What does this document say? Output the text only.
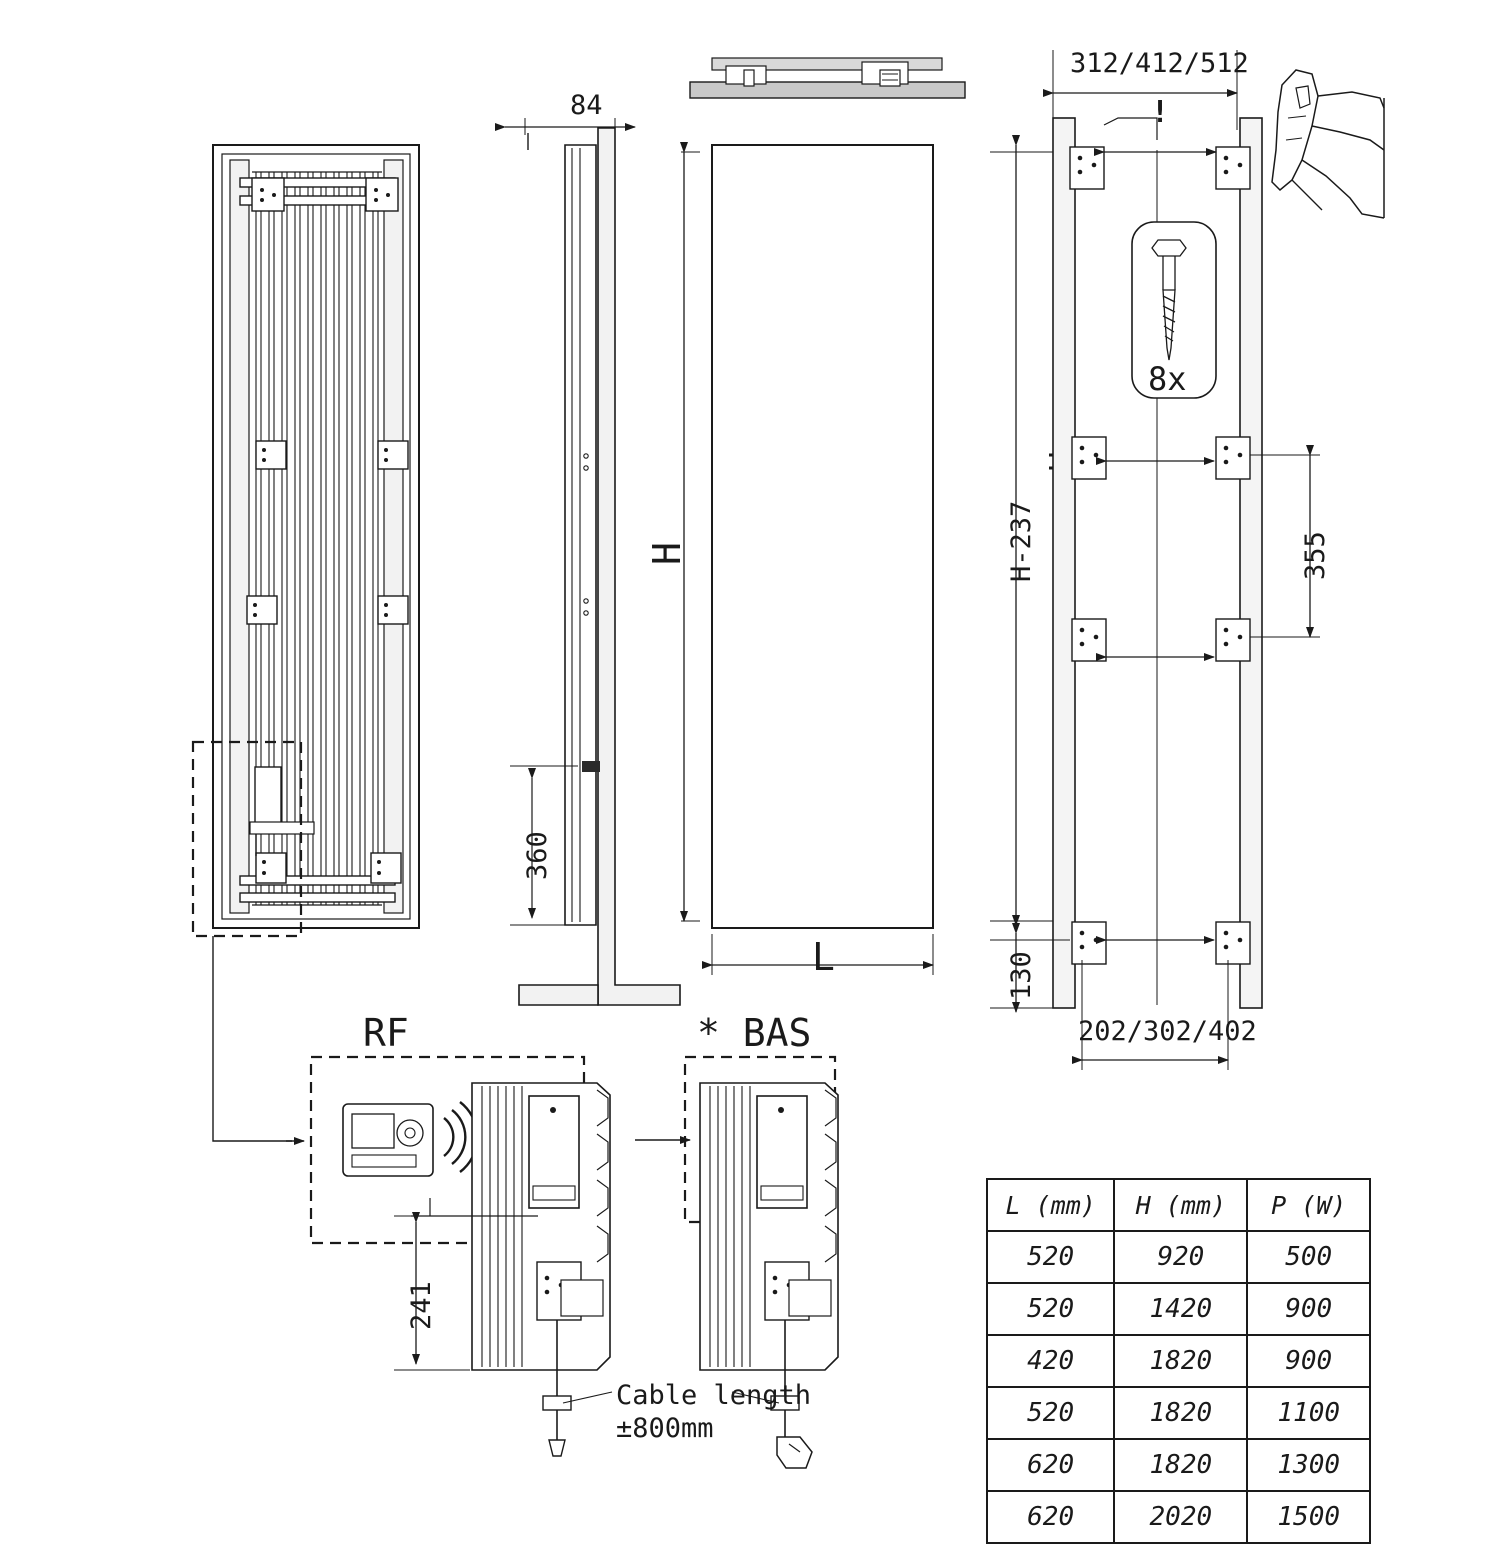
84
H
L
360
312/412/512
202/302/402
355
130
H-237
241
8x
!
RF	* BAS
Cable length
±800mm
L (mm)	H (mm)	P (W)
520	920	500
520	1420	900
420	1820	900
520	1820	1100
620	1820	1300
620	2020	1500
